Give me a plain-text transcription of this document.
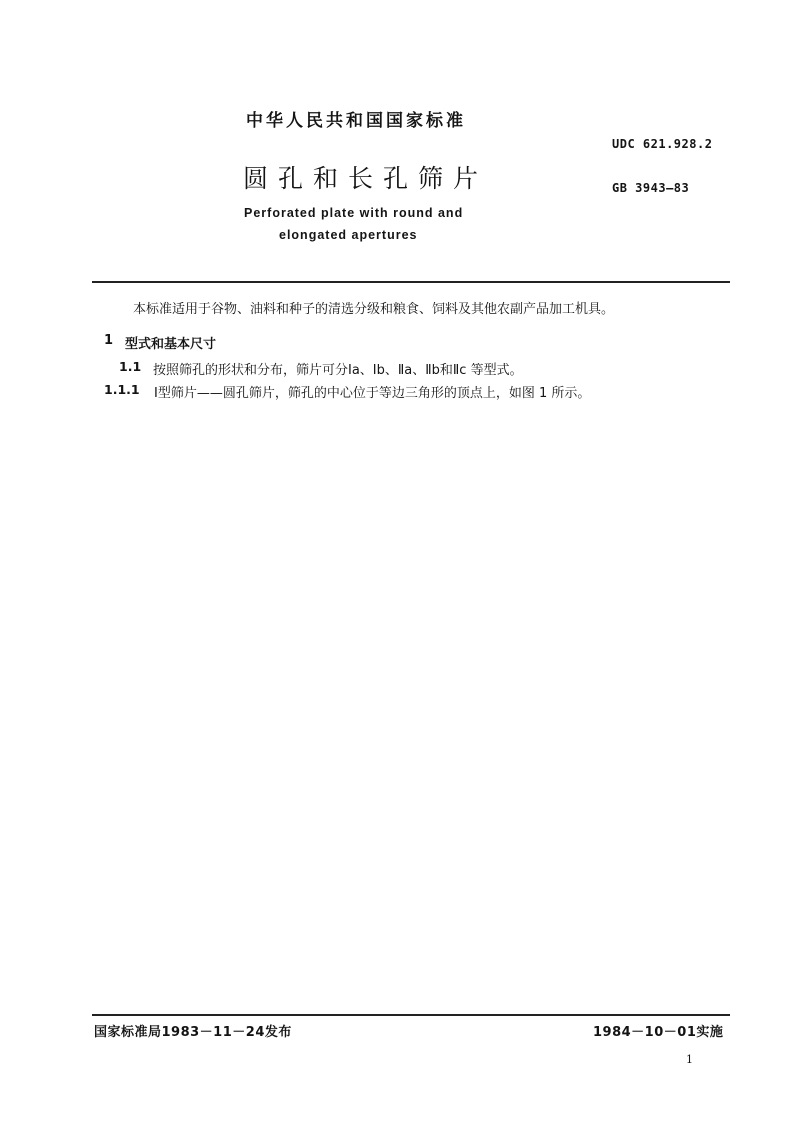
中华人民共和国国家标准
UDC 621.928.2
圆孔和长孔筛片	GB 3943—83
Perforated plate with round and
elongated apertures
本标准适用于谷物、油料和种子的清选分级和粮食、饲料及其他农副产品加工机具。
1 型式和基本尺寸
1.1 按照筛孔的形状和分布，筛片可分Ⅰa、Ⅰb、Ⅱa、Ⅱb和Ⅱc 等型式。
1.1.1 Ⅰ型筛片——圆孔筛片，筛孔的中心位于等边三角形的顶点上，如图 1 所示。
国家标准局1983－11－24发布	1984－10－01实施
1
